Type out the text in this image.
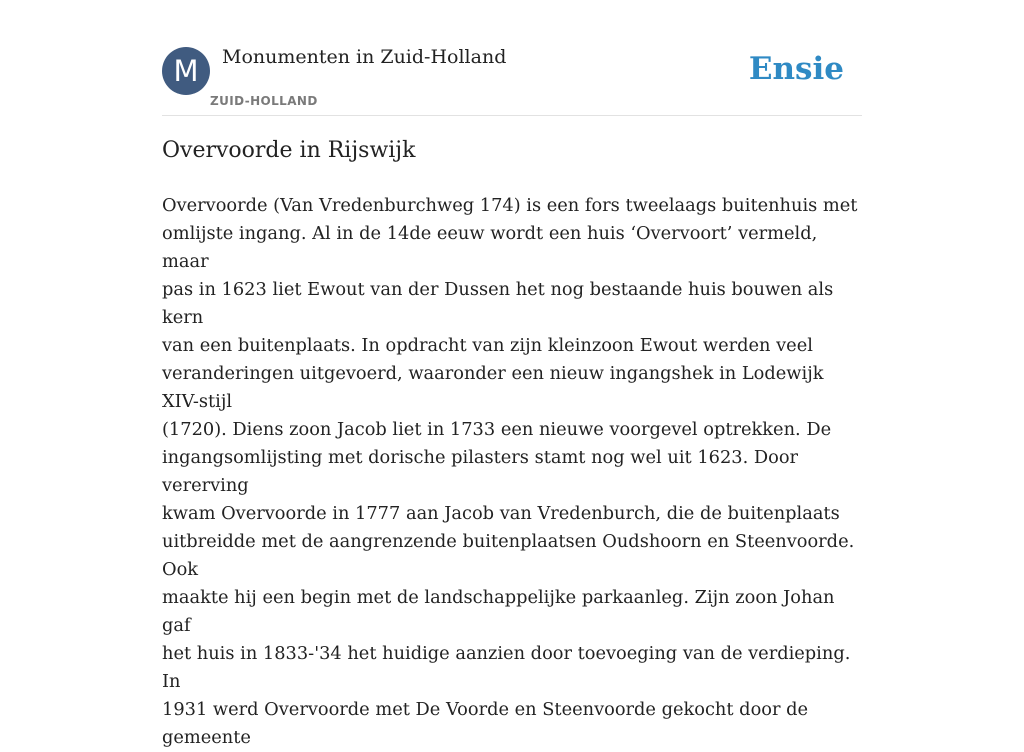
M	Monumenten in Zuid-Holland
ZUID-HOLLAND
Ensie
Overvoorde in Rijswijk

Overvoorde (Van Vredenburchweg 174) is een fors tweelaags buitenhuis met
omlijste ingang. Al in de 14de eeuw wordt een huis ‘Overvoort’ vermeld, maar
pas in 1623 liet Ewout van der Dussen het nog bestaande huis bouwen als kern
van een buitenplaats. In opdracht van zijn kleinzoon Ewout werden veel
veranderingen uitgevoerd, waaronder een nieuw ingangshek in Lodewijk XIV-stijl
(1720). Diens zoon Jacob liet in 1733 een nieuwe voorgevel optrekken. De
ingangsomlijsting met dorische pilasters stamt nog wel uit 1623. Door vererving
kwam Overvoorde in 1777 aan Jacob van Vredenburch, die de buitenplaats
uitbreidde met de aangrenzende buitenplaatsen Oudshoorn en Steenvoorde. Ook
maakte hij een begin met de landschappelijke parkaanleg. Zijn zoon Johan gaf
het huis in 1833-'34 het huidige aanzien door toevoeging van de verdieping. In
1931 werd Overvoorde met De Voorde en Steenvoorde gekocht door de gemeente
